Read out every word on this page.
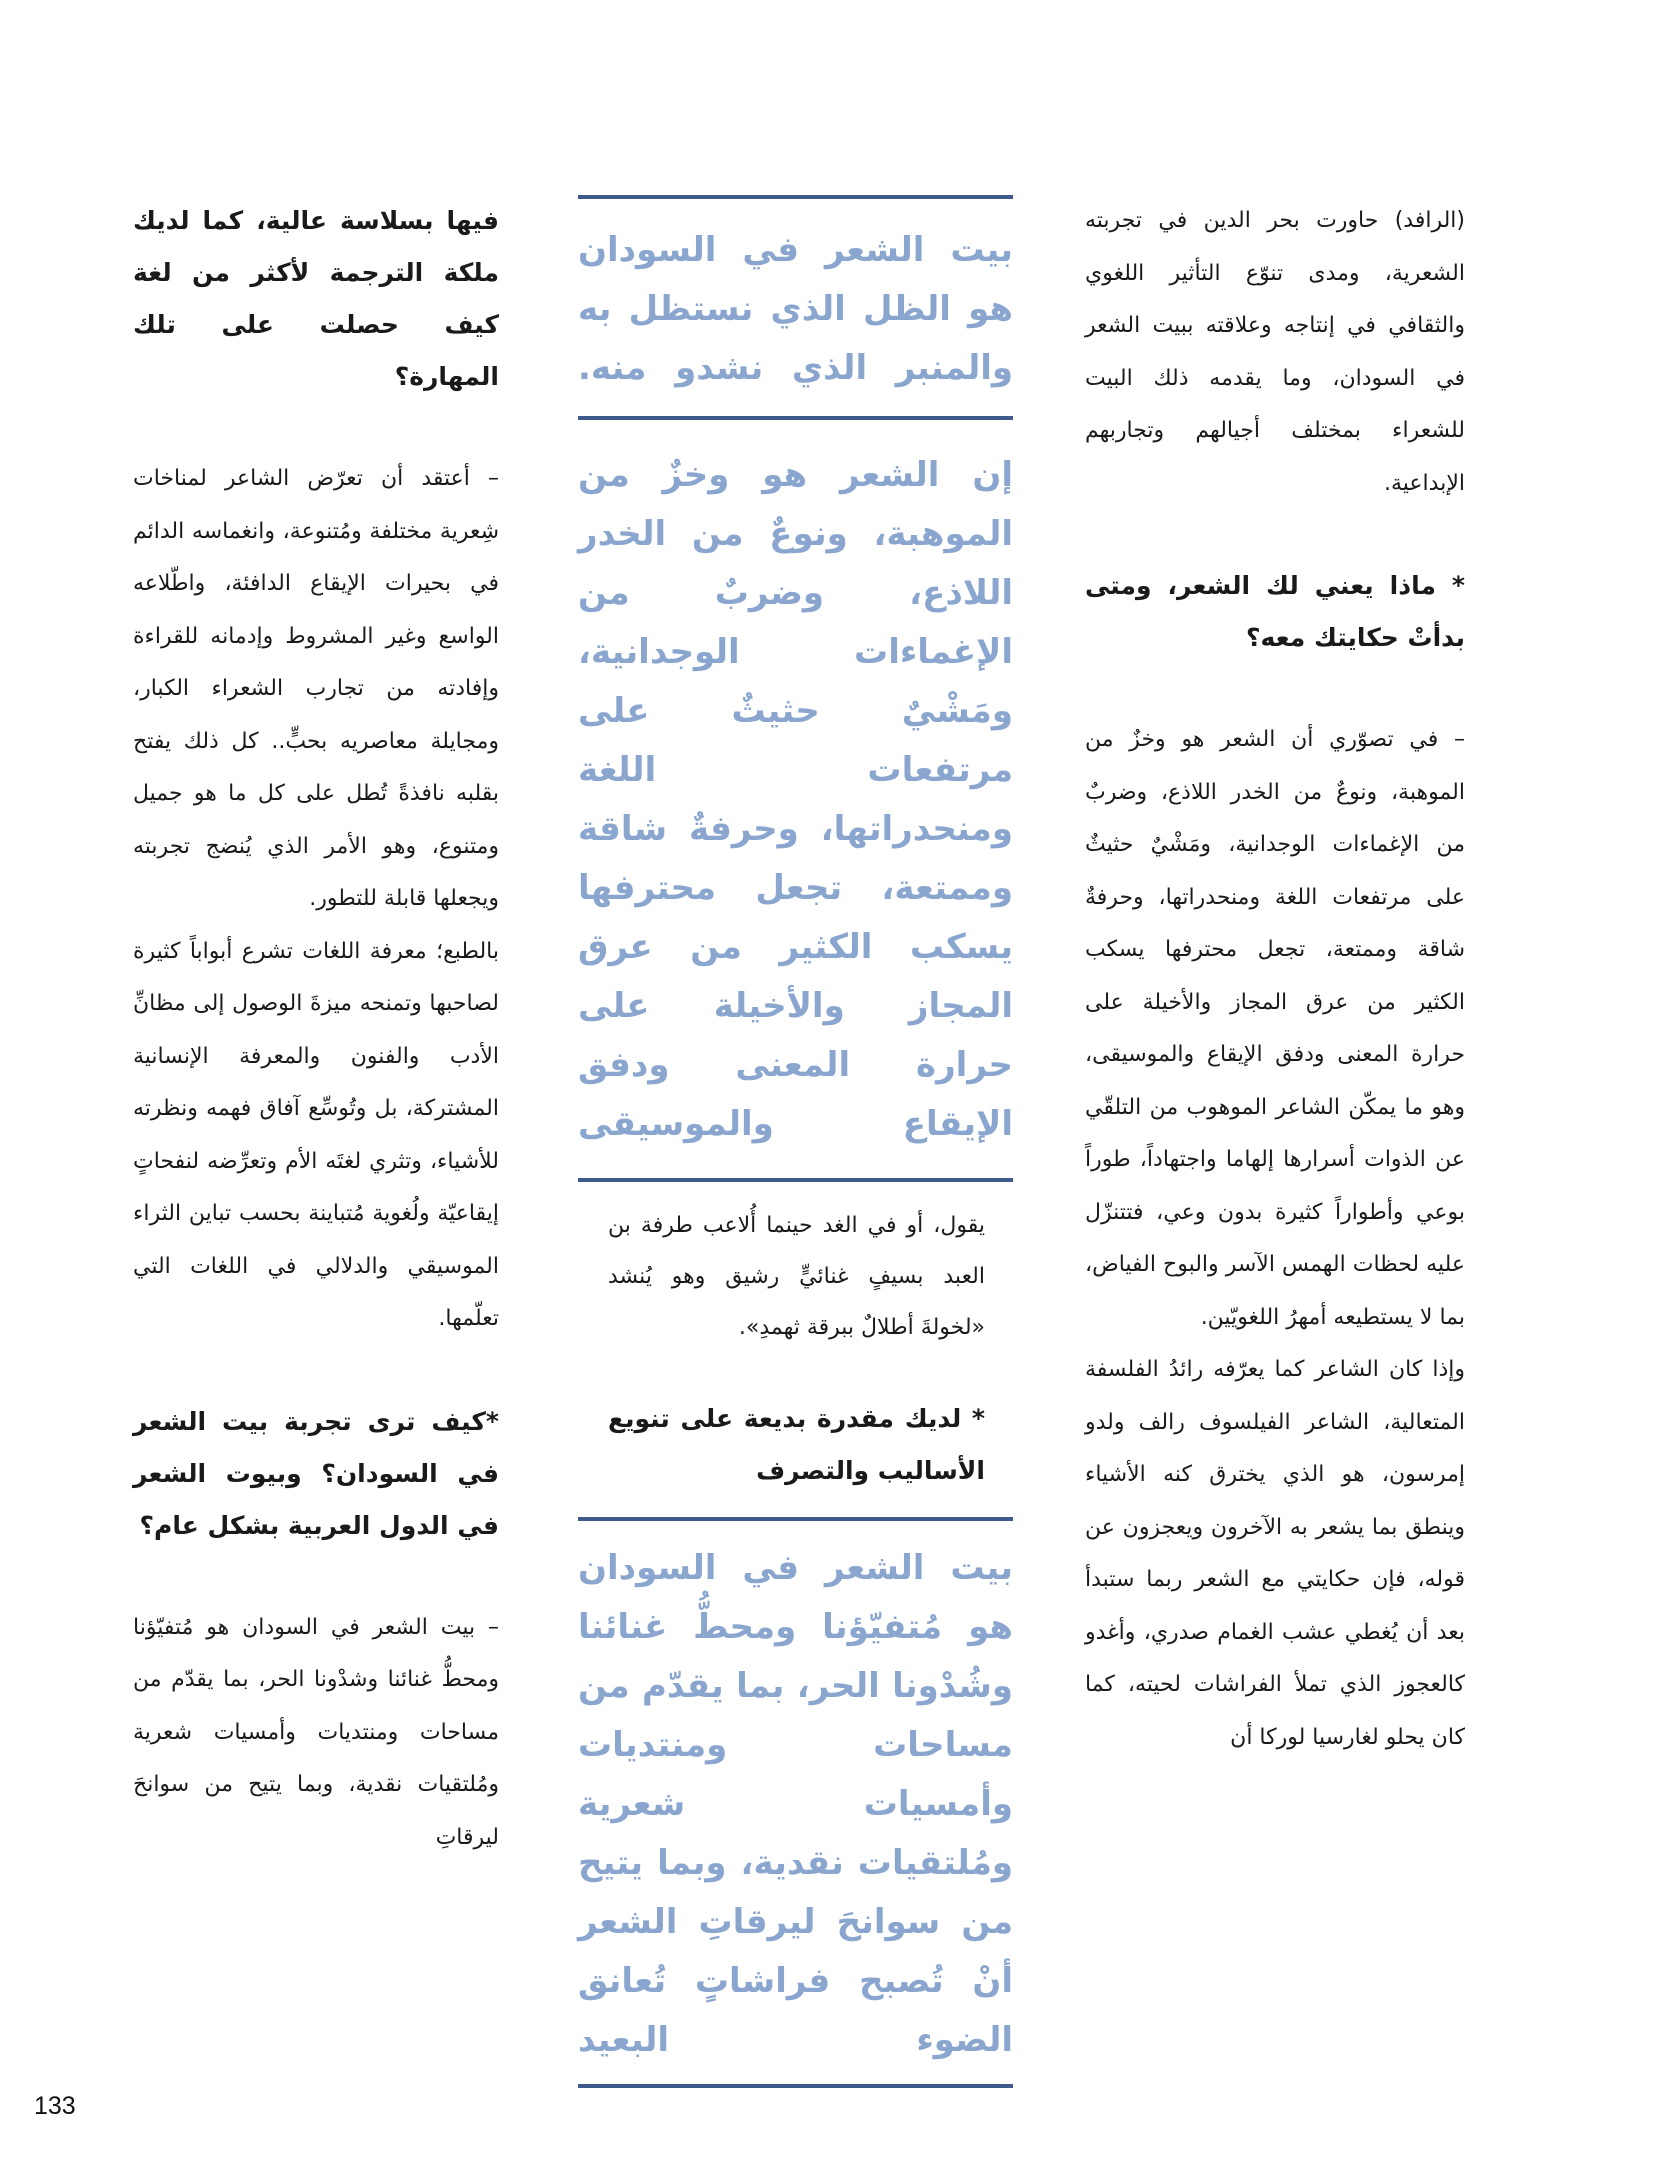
(الرافد) حاورت بحر الدين في تجربته الشعرية، ومدى تنوّع التأثير اللغوي والثقافي في إنتاجه وعلاقته ببيت الشعر في السودان، وما يقدمه ذلك البيت للشعراء بمختلف أجيالهم وتجاربهم الإبداعية.

* ماذا يعني لك الشعر، ومتى بدأتْ حكايتك معه؟

– في تصوّري أن الشعر هو وخزٌ من الموهبة، ونوعٌ من الخدر اللاذع، وضربٌ من الإغماءات الوجدانية، ومَشْيٌ حثيثٌ على مرتفعات اللغة ومنحدراتها، وحرفةٌ شاقة وممتعة، تجعل محترفها يسكب الكثير من عرق المجاز والأخيلة على حرارة المعنى ودفق الإيقاع والموسيقى، وهو ما يمكّن الشاعر الموهوب من التلقّي عن الذوات أسرارها إلهاما واجتهاداً، طوراً بوعي وأطواراً كثيرة بدون وعي، فتتنزّل عليه لحظات الهمس الآسر والبوح الفياض، بما لا يستطيعه أمهرُ اللغويّين.

وإذا كان الشاعر كما يعرّفه رائدُ الفلسفة المتعالية، الشاعر الفيلسوف رالف ولدو إمرسون، هو الذي يخترق كنه الأشياء وينطق بما يشعر به الآخرون ويعجزون عن قوله، فإن حكايتي مع الشعر ربما ستبدأ بعد أن يُغطي عشب الغمام صدري، وأغدو كالعجوز الذي تملأ الفراشات لحيته، كما كان يحلو لغارسيا لوركا أن

بيت الشعر في السودان هو الظل الذي نستظل به والمنبر الذي نشدو منه.

إن الشعر هو وخزٌ من الموهبة، ونوعٌ من الخدر اللاذع، وضربٌ من الإغماءات الوجدانية، ومَشْيٌ حثيثٌ على مرتفعات اللغة ومنحدراتها، وحرفةٌ شاقة وممتعة، تجعل محترفها يسكب الكثير من عرق المجاز والأخيلة على حرارة المعنى ودفق الإيقاع والموسيقى

يقول، أو في الغد حينما أُلاعب طرفة بن العبد بسيفٍ غنائيٍّ رشيق وهو يُنشد «لخولةَ أطلالٌ ببرقة ثهمدِ».

* لديك مقدرة بديعة على تنويع الأساليب والتصرف

بيت الشعر في السودان هو مُتفيّؤنا ومحطُّ غنائنا وشُدْونا الحر، بما يقدّم من مساحات ومنتديات وأمسيات شعرية ومُلتقيات نقدية، وبما يتيح من سوانحَ ليرقاتِ الشعر أنْ تُصبح فراشاتٍ تُعانق الضوء البعيد

فيها بسلاسة عالية، كما لديك ملكة الترجمة لأكثر من لغة كيف حصلت على تلك المهارة؟

– أعتقد أن تعرّض الشاعر لمناخات شِعرية مختلفة ومُتنوعة، وانغماسه الدائم في بحيرات الإيقاع الدافئة، واطّلاعه الواسع وغير المشروط وإدمانه للقراءة وإفادته من تجارب الشعراء الكبار، ومجايلة معاصريه بحبٍّ.. كل ذلك يفتح بقلبه نافذةً تُطل على كل ما هو جميل ومتنوع، وهو الأمر الذي يُنضج تجربته ويجعلها قابلة للتطور.

بالطبع؛ معرفة اللغات تشرع أبواباً كثيرة لصاحبها وتمنحه ميزةَ الوصول إلى مظانِّ الأدب والفنون والمعرفة الإنسانية المشتركة، بل وتُوسِّع آفاق فهمه ونظرته للأشياء، وتثري لغتَه الأم وتعرِّضه لنفحاتٍ إيقاعيّة ولُغوية مُتباينة بحسب تباين الثراء الموسيقي والدلالي في اللغات التي تعلّمها.

*كيف ترى تجربة بيت الشعر في السودان؟ وبيوت الشعر في الدول العربية بشكل عام؟

– بيت الشعر في السودان هو مُتفيّؤنا ومحطُّ غنائنا وشدْونا الحر، بما يقدّم من مساحات ومنتديات وأمسيات شعرية ومُلتقيات نقدية، وبما يتيح من سوانحَ ليرقاتِ

133
